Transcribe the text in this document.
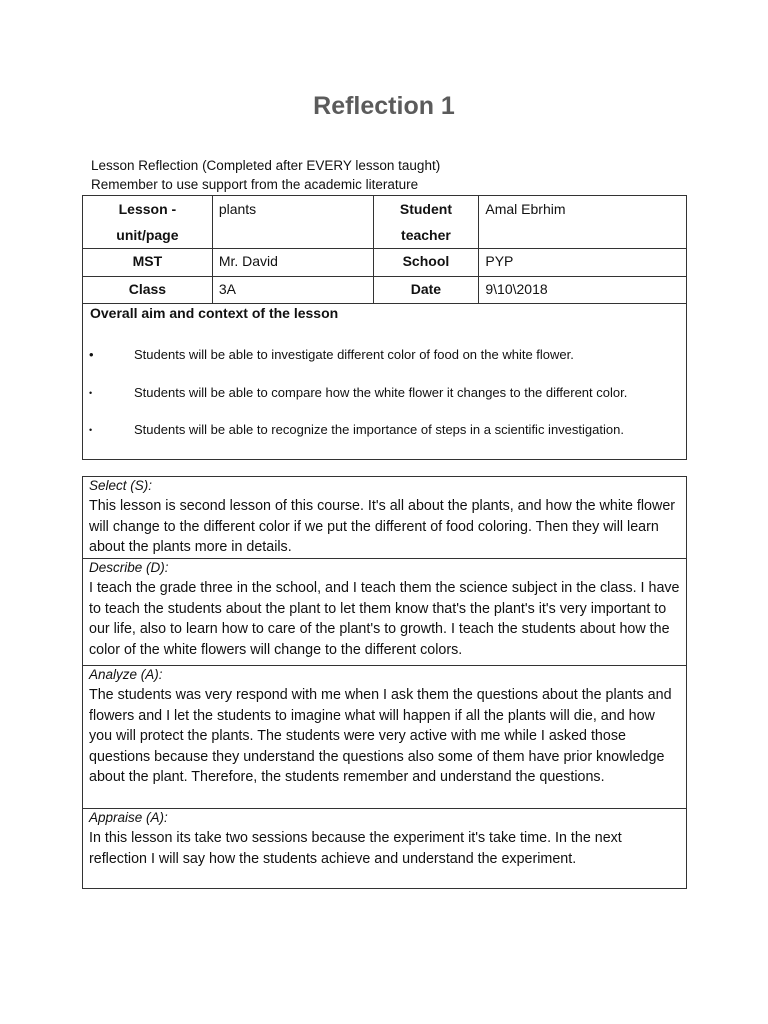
Reflection 1
Lesson Reflection (Completed after EVERY lesson taught)
Remember to use support from the academic literature
Lesson - unit/page	plants	Student teacher	Amal Ebrhim
MST	Mr. David	School	PYP
Class	3A	Date	9\10\2018
Overall aim and context of the lesson
•	Students will be able to investigate different color of food on the white flower.
•	Students will be able to compare how the white flower it changes to the different color.
•	Students will be able to recognize the importance of steps in a scientific investigation.
Select (S):
This lesson is second lesson of this course. It's all about the plants, and how the white flower will change to the different color if we put the different of food coloring. Then they will learn about the plants more in details.
Describe (D):
I teach the grade three in the school, and I teach them the science subject in the class. I have to teach the students about the plant to let them know that's the plant's it's very important to our life, also to learn how to care of the plant's to growth. I teach the students about how the color of the white flowers will change to the different colors.
Analyze (A):
The students was very respond with me when I ask them the questions about the plants and flowers and I let the students to imagine what will happen if all the plants will die, and how you will protect the plants. The students were very active with me while I asked those questions because they understand the questions also some of them have prior knowledge about the plant. Therefore, the students remember and understand the questions.
Appraise (A):
In this lesson its take two sessions because the experiment it's take time. In the next reflection I will say how the students achieve and understand the experiment.
